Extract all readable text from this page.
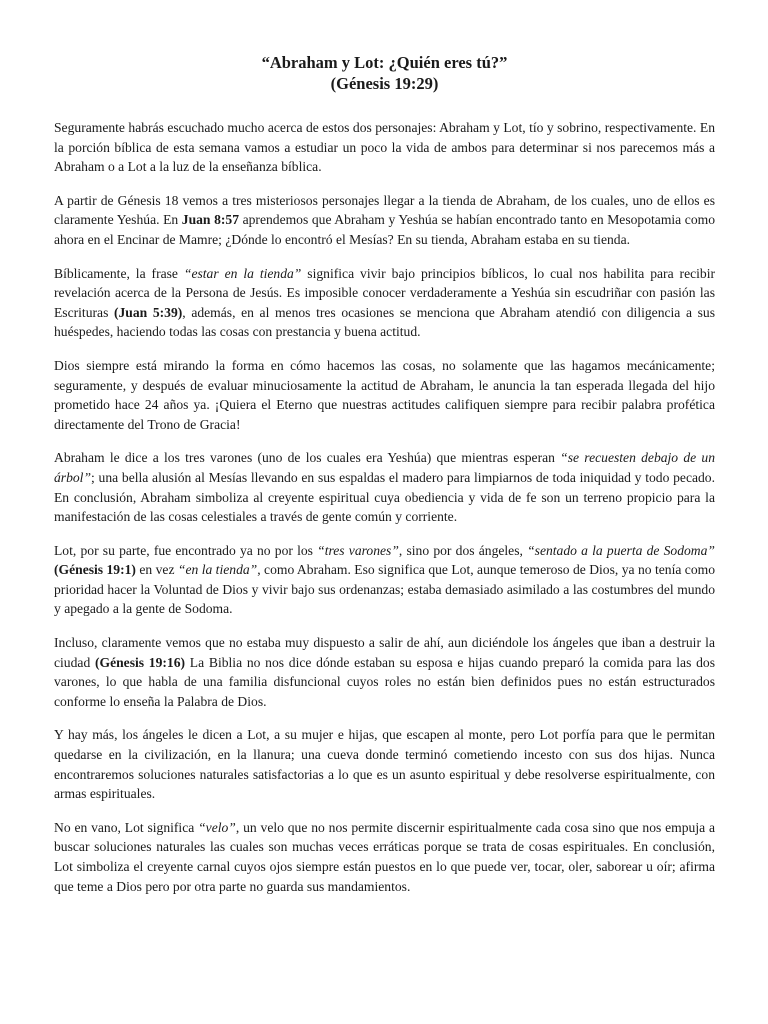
“Abraham y Lot: ¿Quién eres tú?”
(Génesis 19:29)

Seguramente habrás escuchado mucho acerca de estos dos personajes: Abraham y Lot, tío y sobrino, respectivamente. En la porción bíblica de esta semana vamos a estudiar un poco la vida de ambos para determinar si nos parecemos más a Abraham o a Lot a la luz de la enseñanza bíblica.

A partir de Génesis 18 vemos a tres misteriosos personajes llegar a la tienda de Abraham, de los cuales, uno de ellos es claramente Yeshúa. En Juan 8:57 aprendemos que Abraham y Yeshúa se habían encontrado tanto en Mesopotamia como ahora en el Encinar de Mamre; ¿Dónde lo encontró el Mesías? En su tienda, Abraham estaba en su tienda.

Bíblicamente, la frase “estar en la tienda” significa vivir bajo principios bíblicos, lo cual nos habilita para recibir revelación acerca de la Persona de Jesús. Es imposible conocer verdaderamente a Yeshúa sin escudriñar con pasión las Escrituras (Juan 5:39), además, en al menos tres ocasiones se menciona que Abraham atendió con diligencia a sus huéspedes, haciendo todas las cosas con prestancia y buena actitud.

Dios siempre está mirando la forma en cómo hacemos las cosas, no solamente que las hagamos mecánicamente; seguramente, y después de evaluar minuciosamente la actitud de Abraham, le anuncia la tan esperada llegada del hijo prometido hace 24 años ya. ¡Quiera el Eterno que nuestras actitudes califiquen siempre para recibir palabra profética directamente del Trono de Gracia!

Abraham le dice a los tres varones (uno de los cuales era Yeshúa) que mientras esperan “se recuesten debajo de un árbol”; una bella alusión al Mesías llevando en sus espaldas el madero para limpiarnos de toda iniquidad y todo pecado. En conclusión, Abraham simboliza al creyente espiritual cuya obediencia y vida de fe son un terreno propicio para la manifestación de las cosas celestiales a través de gente común y corriente.

Lot, por su parte, fue encontrado ya no por los “tres varones”, sino por dos ángeles, “sentado a la puerta de Sodoma” (Génesis 19:1) en vez “en la tienda”, como Abraham. Eso significa que Lot, aunque temeroso de Dios, ya no tenía como prioridad hacer la Voluntad de Dios y vivir bajo sus ordenanzas; estaba demasiado asimilado a las costumbres del mundo y apegado a la gente de Sodoma.

Incluso, claramente vemos que no estaba muy dispuesto a salir de ahí, aun diciéndole los ángeles que iban a destruir la ciudad (Génesis 19:16) La Biblia no nos dice dónde estaban su esposa e hijas cuando preparó la comida para las dos varones, lo que habla de una familia disfuncional cuyos roles no están bien definidos pues no están estructurados conforme lo enseña la Palabra de Dios.

Y hay más, los ángeles le dicen a Lot, a su mujer e hijas, que escapen al monte, pero Lot porfía para que le permitan quedarse en la civilización, en la llanura; una cueva donde terminó cometiendo incesto con sus dos hijas. Nunca encontraremos soluciones naturales satisfactorias a lo que es un asunto espiritual y debe resolverse espiritualmente, con armas espirituales.

No en vano, Lot significa “velo”, un velo que no nos permite discernir espiritualmente cada cosa sino que nos empuja a buscar soluciones naturales las cuales son muchas veces erráticas porque se trata de cosas espirituales. En conclusión, Lot simboliza el creyente carnal cuyos ojos siempre están puestos en lo que puede ver, tocar, oler, saborear u oír; afirma que teme a Dios pero por otra parte no guarda sus mandamientos.
